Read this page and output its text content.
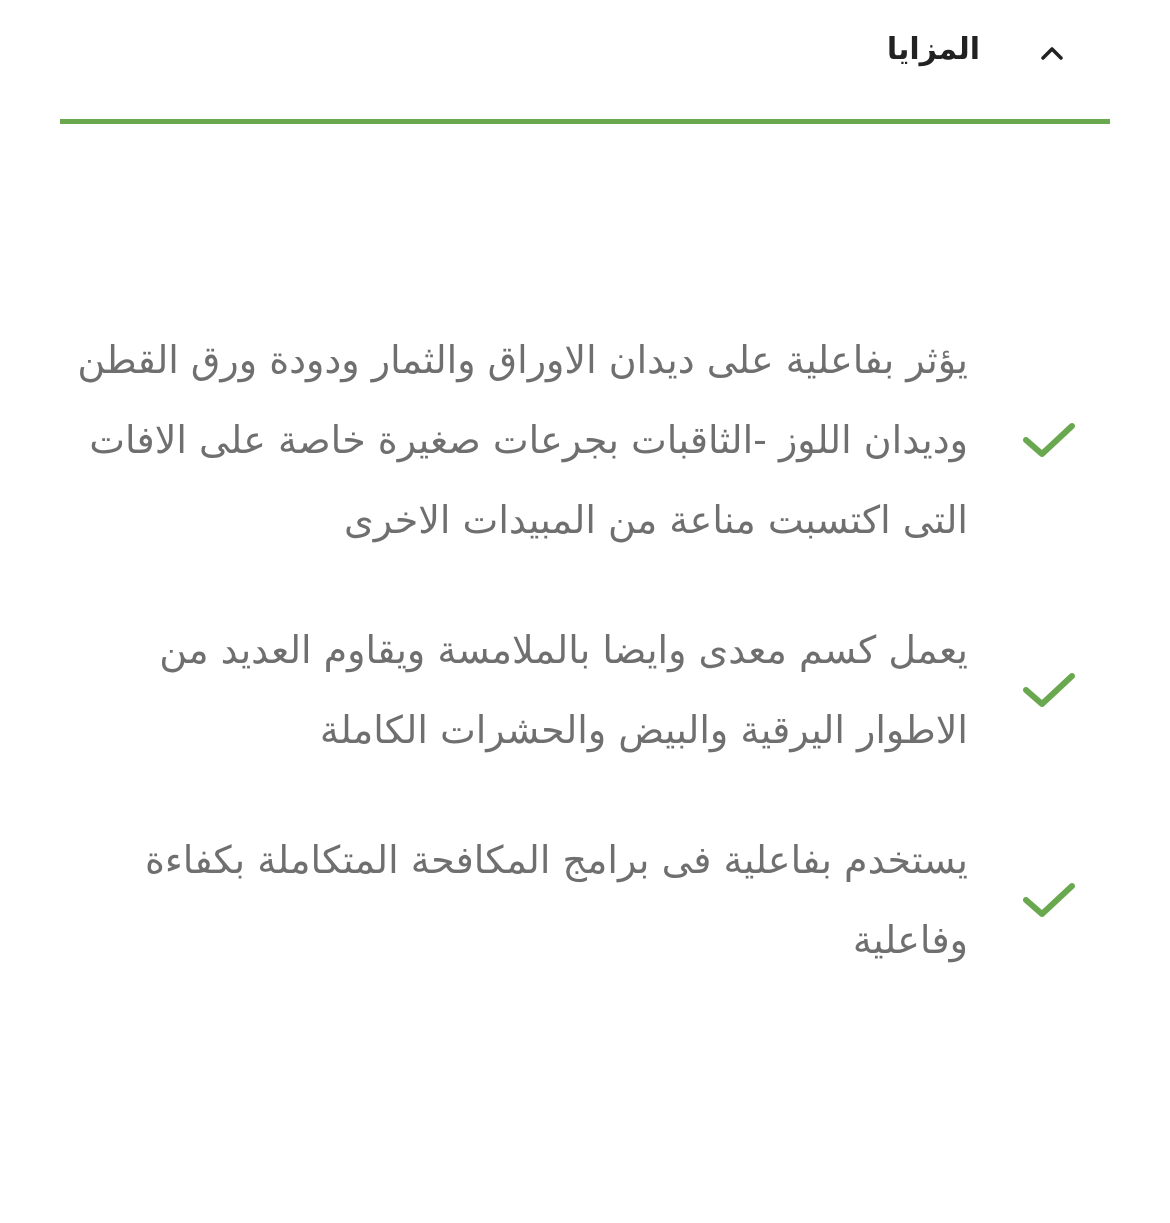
المزايا
يؤثر بفاعلية على ديدان الاوراق والثمار ودودة ورق القطن وديدان اللوز -الثاقبات بجرعات صغيرة خاصة على الافات التى اكتسبت مناعة من المبيدات الاخرى
يعمل كسم معدى وايضا بالملامسة ويقاوم العديد من الاطوار اليرقية والبيض والحشرات الكاملة
يستخدم بفاعلية فى برامج المكافحة المتكاملة بكفاءة وفاعلية
